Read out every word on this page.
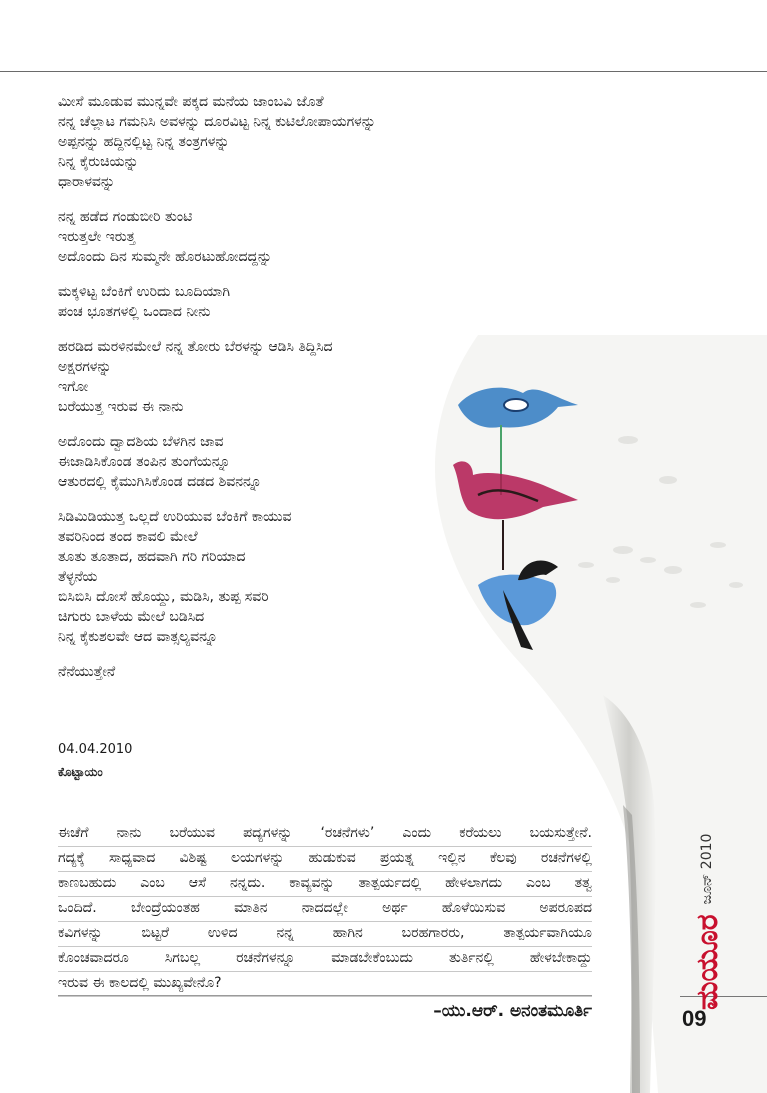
ಮೀಸೆ ಮೂಡುವ ಮುನ್ನವೇ ಪಕ್ಕದ ಮನೆಯ ಜಾಂಬವಿ ಜೊತೆ
ನನ್ನ ಚೆಲ್ಲಾಟ ಗಮನಿಸಿ ಅವಳನ್ನು ದೂರವಿಟ್ಟ ನಿನ್ನ ಕುಟಿಲೋಪಾಯಗಳನ್ನು
ಅಪ್ಪನನ್ನು ಹದ್ದಿನಲ್ಲಿಟ್ಟ ನಿನ್ನ ತಂತ್ರಗಳನ್ನು
ನಿನ್ನ ಕೈರುಚಿಯನ್ನು
ಧಾರಾಳವನ್ನು
ನನ್ನ ಹಡೆದ ಗಂಡುಬೀರಿ ತುಂಟಿ
ಇರುತ್ತಲೇ ಇರುತ್ತ
ಅದೊಂದು ದಿನ ಸುಮ್ಮನೇ ಹೊರಟುಹೋದದ್ದನ್ನು
ಮಕ್ಕಳಿಟ್ಟ ಬೆಂಕಿಗೆ ಉರಿದು ಬೂದಿಯಾಗಿ
ಪಂಚ ಭೂತಗಳಲ್ಲಿ ಒಂದಾದ ನೀನು
ಹರಡಿದ ಮರಳಿನಮೇಲೆ ನನ್ನ ತೋರು ಬೆರಳನ್ನು ಆಡಿಸಿ ತಿದ್ದಿಸಿದ
ಅಕ್ಷರಗಳನ್ನು
ಇಗೋ
ಬರೆಯುತ್ತ ಇರುವ ಈ ನಾನು
ಅದೊಂದು ದ್ವಾದಶಿಯ ಬೆಳಗಿನ ಜಾವ
ಈಜಾಡಿಸಿಕೊಂಡ ತಂಪಿನ ತುಂಗೆಯನ್ನೂ
ಆತುರದಲ್ಲಿ ಕೈಮುಗಿಸಿಕೊಂಡ ದಡದ ಶಿವನನ್ನೂ
ಸಿಡಿಮಿಡಿಯುತ್ತ ಒಲ್ಲದೆ ಉರಿಯುವ ಬೆಂಕಿಗೆ ಕಾಯುವ
ತವರಿನಿಂದ ತಂದ ಕಾವಲಿ ಮೇಲೆ
ತೂತು ತೂತಾದ, ಹದವಾಗಿ ಗರಿ ಗರಿಯಾದ
ತೆಳ್ಳನೆಯ
ಬಿಸಿಬಿಸಿ ದೋಸೆ ಹೊಯ್ದು, ಮಡಿಸಿ, ತುಪ್ಪ ಸವರಿ
ಚಿಗುರು ಬಾಳೆಯ ಮೇಲೆ ಬಡಿಸಿದ
ನಿನ್ನ ಕೈಕುಶಲವೇ ಆದ ವಾತ್ಸಲ್ಯವನ್ನೂ
ನೆನೆಯುತ್ತೇನೆ
04.04.2010
ಕೊಟ್ಟಾಯಂ
ಈಚೆಗೆ ನಾನು ಬರೆಯುವ ಪದ್ಯಗಳನ್ನು ‘ರಚನೆಗಳು’ ಎಂದು ಕರೆಯಲು ಬಯಸುತ್ತೇನೆ.
ಗದ್ಯಕ್ಕೆ ಸಾಧ್ಯವಾದ ವಿಶಿಷ್ಟ ಲಯಗಳನ್ನು ಹುಡುಕುವ ಪ್ರಯತ್ನ ಇಲ್ಲಿನ ಕೆಲವು ರಚನೆಗಳಲ್ಲಿ
ಕಾಣಬಹುದು ಎಂಬ ಆಸೆ ನನ್ನದು. ಕಾವ್ಯವನ್ನು ತಾತ್ಪರ್ಯದಲ್ಲಿ ಹೇಳಲಾಗದು ಎಂಬ ತತ್ವ
ಒಂದಿದೆ. ಬೇಂದ್ರೆಯಂತಹ ಮಾತಿನ ನಾದದಲ್ಲೇ ಅರ್ಥ ಹೊಳೆಯಿಸುವ ಅಪರೂಪದ
ಕವಿಗಳನ್ನು ಬಿಟ್ಟರೆ ಉಳಿದ ನನ್ನ ಹಾಗಿನ ಬರಹಗಾರರು, ತಾತ್ಪರ್ಯವಾಗಿಯೂ
ಕೊಂಚವಾದರೂ ಸಿಗಬಲ್ಲ ರಚನೆಗಳನ್ನೂ ಮಾಡಬೇಕೆಂಬುದು ತುರ್ತಿನಲ್ಲಿ ಹೇಳಬೇಕಾದ್ದು
ಇರುವ ಈ ಕಾಲದಲ್ಲಿ ಮುಖ್ಯವೇನೊ?
–ಯು.ಆರ್. ಅನಂತಮೂರ್ತಿ
ಮಯೂರ
ಜೂನ್ 2010
09
